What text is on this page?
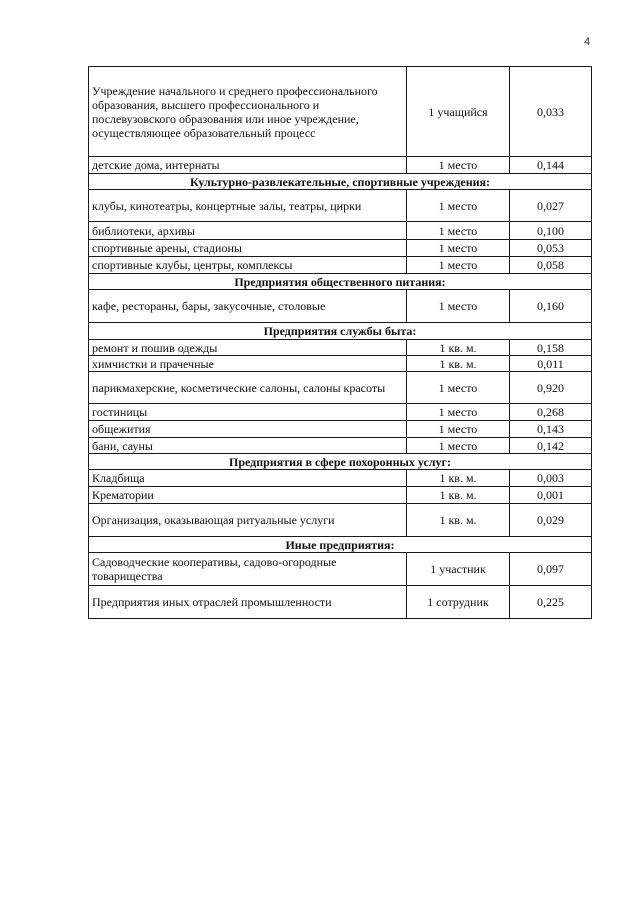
4
Учреждение начального и среднего профессионального образования, высшего профессионального и послевузовского образования или иное учреждение, осуществляющее образовательный процесс	1 учащийся	0,033
детские дома, интернаты	1 место	0,144
Культурно-развлекательные, спортивные учреждения:		
клубы, кинотеатры, концертные залы, театры, цирки	1 место	0,027
библиотеки, архивы	1 место	0,100
спортивные арены, стадионы	1 место	0,053
спортивные клубы, центры, комплексы	1 место	0,058
Предприятия общественного питания:		
кафе, рестораны, бары, закусочные, столовые	1 место	0,160
Предприятия службы быта:		
ремонт и пошив одежды	1 кв. м.	0,158
химчистки и прачечные	1 кв. м.	0,011
парикмахерские, косметические салоны, салоны красоты	1 место	0,920
гостиницы	1 место	0,268
общежития	1 место	0,143
бани, сауны	1 место	0,142
Предприятия в сфере похоронных услуг:		
Кладбища	1 кв. м.	0,003
Крематории	1 кв. м.	0,001
Организация, оказывающая ритуальные услуги	1 кв. м.	0,029
Иные предприятия:		
Садоводческие кооперативы, садово-огородные товарищества	1 участник	0,097
Предприятия иных отраслей промышленности	1 сотрудник	0,225
